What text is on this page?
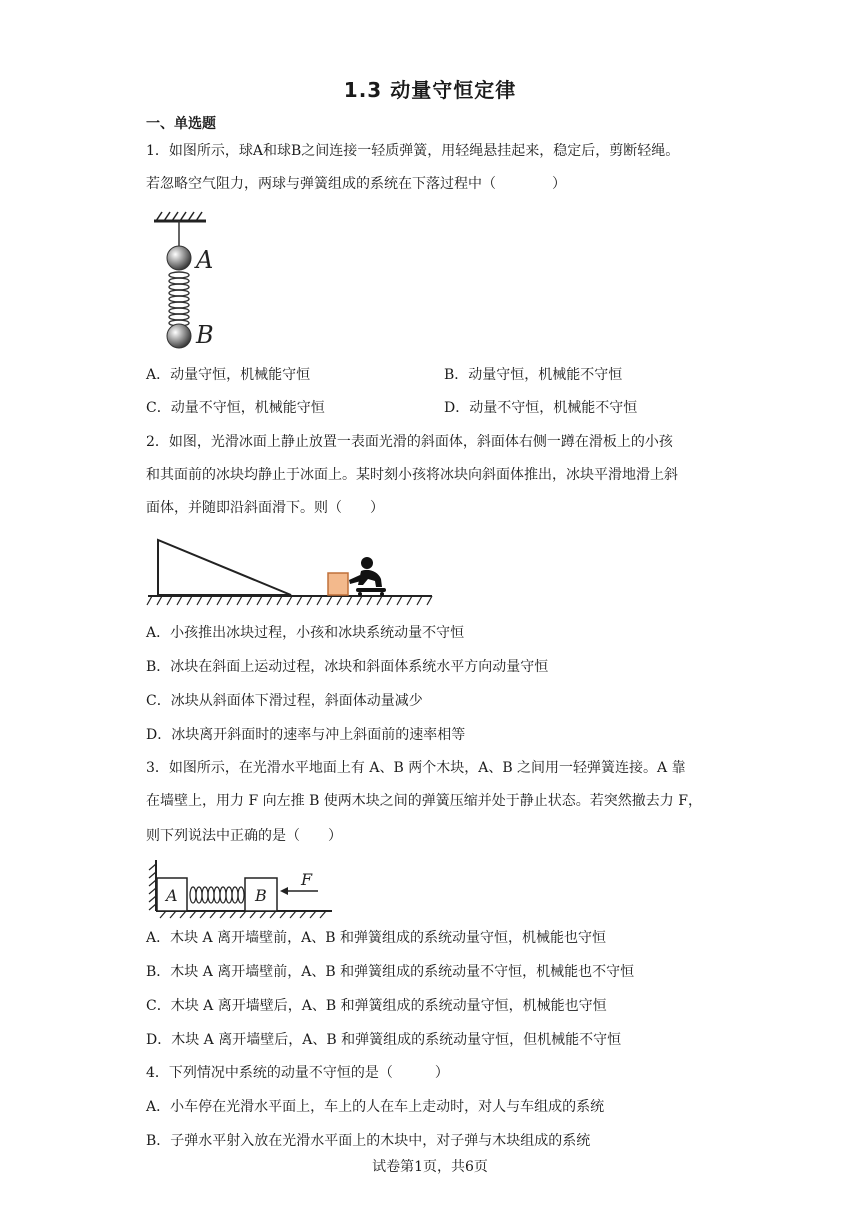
1.3 动量守恒定律
一、单选题
1．如图所示，球A和球B之间连接一轻质弹簧，用轻绳悬挂起来，稳定后，剪断轻绳。
若忽略空气阻力，两球与弹簧组成的系统在下落过程中（　　　　）
A
B
A．动量守恒，机械能守恒	B．动量守恒，机械能不守恒
C．动量不守恒，机械能守恒	D．动量不守恒，机械能不守恒
2．如图，光滑冰面上静止放置一表面光滑的斜面体，斜面体右侧一蹲在滑板上的小孩
和其面前的冰块均静止于冰面上。某时刻小孩将冰块向斜面体推出，冰块平滑地滑上斜
面体，并随即沿斜面滑下。则（　　）
A．小孩推出冰块过程，小孩和冰块系统动量不守恒
B．冰块在斜面上运动过程，冰块和斜面体系统水平方向动量守恒
C．冰块从斜面体下滑过程，斜面体动量减少
D．冰块离开斜面时的速率与冲上斜面前的速率相等
3．如图所示，在光滑水平地面上有 A、B 两个木块，A、B 之间用一轻弹簧连接。A 靠
在墙壁上，用力 F 向左推 B 使两木块之间的弹簧压缩并处于静止状态。若突然撤去力 F，
则下列说法中正确的是（　　）
A	B
F
A．木块 A 离开墙壁前，A、B 和弹簧组成的系统动量守恒，机械能也守恒
B．木块 A 离开墙壁前，A、B 和弹簧组成的系统动量不守恒，机械能也不守恒
C．木块 A 离开墙壁后，A、B 和弹簧组成的系统动量守恒，机械能也守恒
D．木块 A 离开墙壁后，A、B 和弹簧组成的系统动量守恒，但机械能不守恒
4．下列情况中系统的动量不守恒的是（　　　）
A．小车停在光滑水平面上，车上的人在车上走动时，对人与车组成的系统
B．子弹水平射入放在光滑水平面上的木块中，对子弹与木块组成的系统
试卷第1页，共6页
